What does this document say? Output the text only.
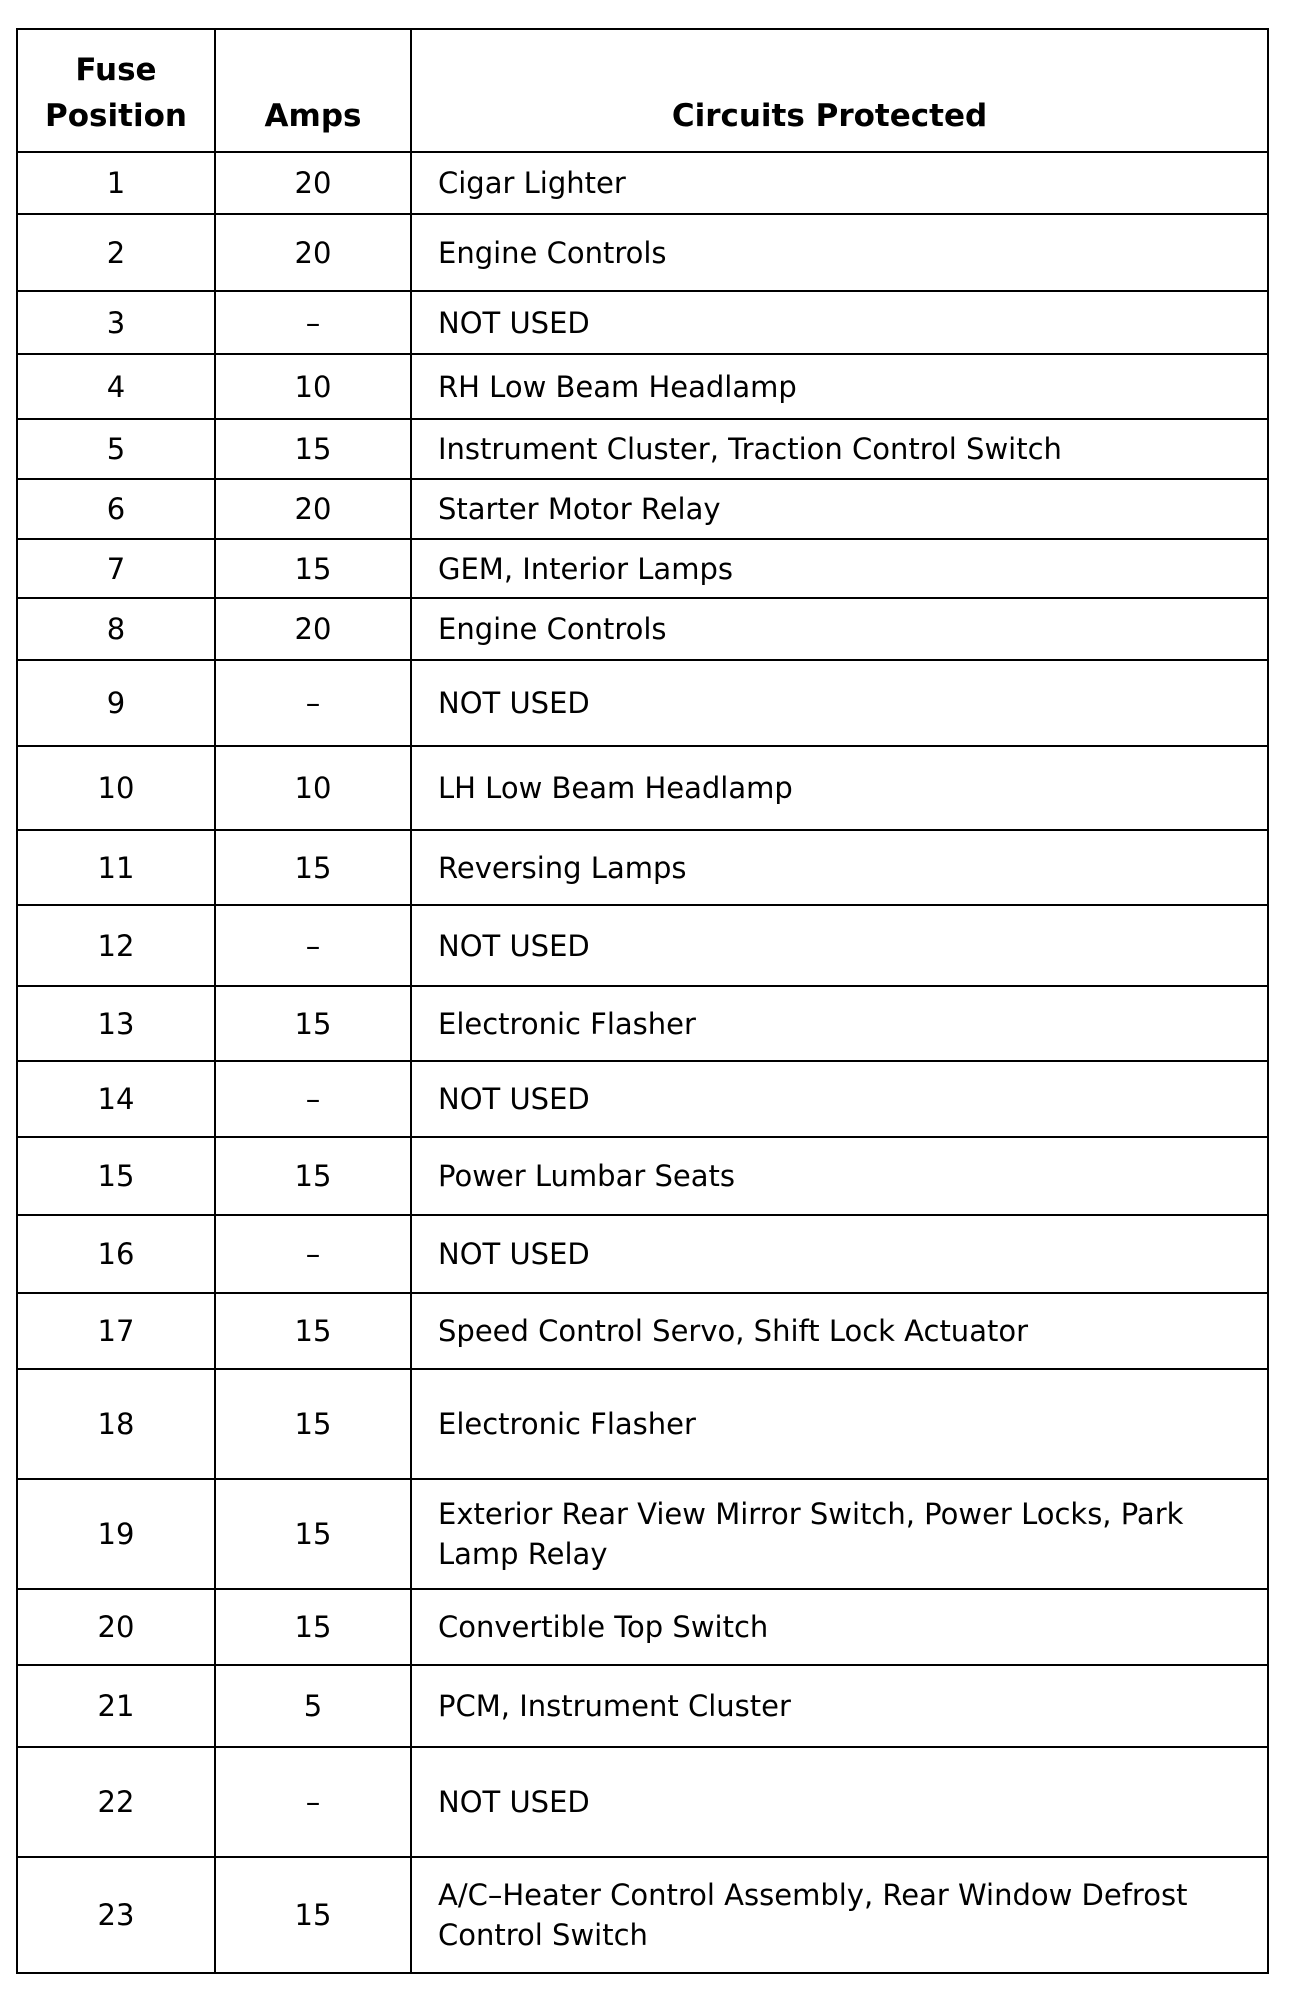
Fuse
Position	Amps	Circuits Protected
1	20	Cigar Lighter
2	20	Engine Controls
3	–	NOT USED
4	10	RH Low Beam Headlamp
5	15	Instrument Cluster, Traction Control Switch
6	20	Starter Motor Relay
7	15	GEM, Interior Lamps
8	20	Engine Controls
9	–	NOT USED
10	10	LH Low Beam Headlamp
11	15	Reversing Lamps
12	–	NOT USED
13	15	Electronic Flasher
14	–	NOT USED
15	15	Power Lumbar Seats
16	–	NOT USED
17	15	Speed Control Servo, Shift Lock Actuator
18	15	Electronic Flasher
19	15	Exterior Rear View Mirror Switch, Power Locks, Park Lamp Relay
20	15	Convertible Top Switch
21	5	PCM, Instrument Cluster
22	–	NOT USED
23	15	A/C–Heater Control Assembly, Rear Window Defrost Control Switch
